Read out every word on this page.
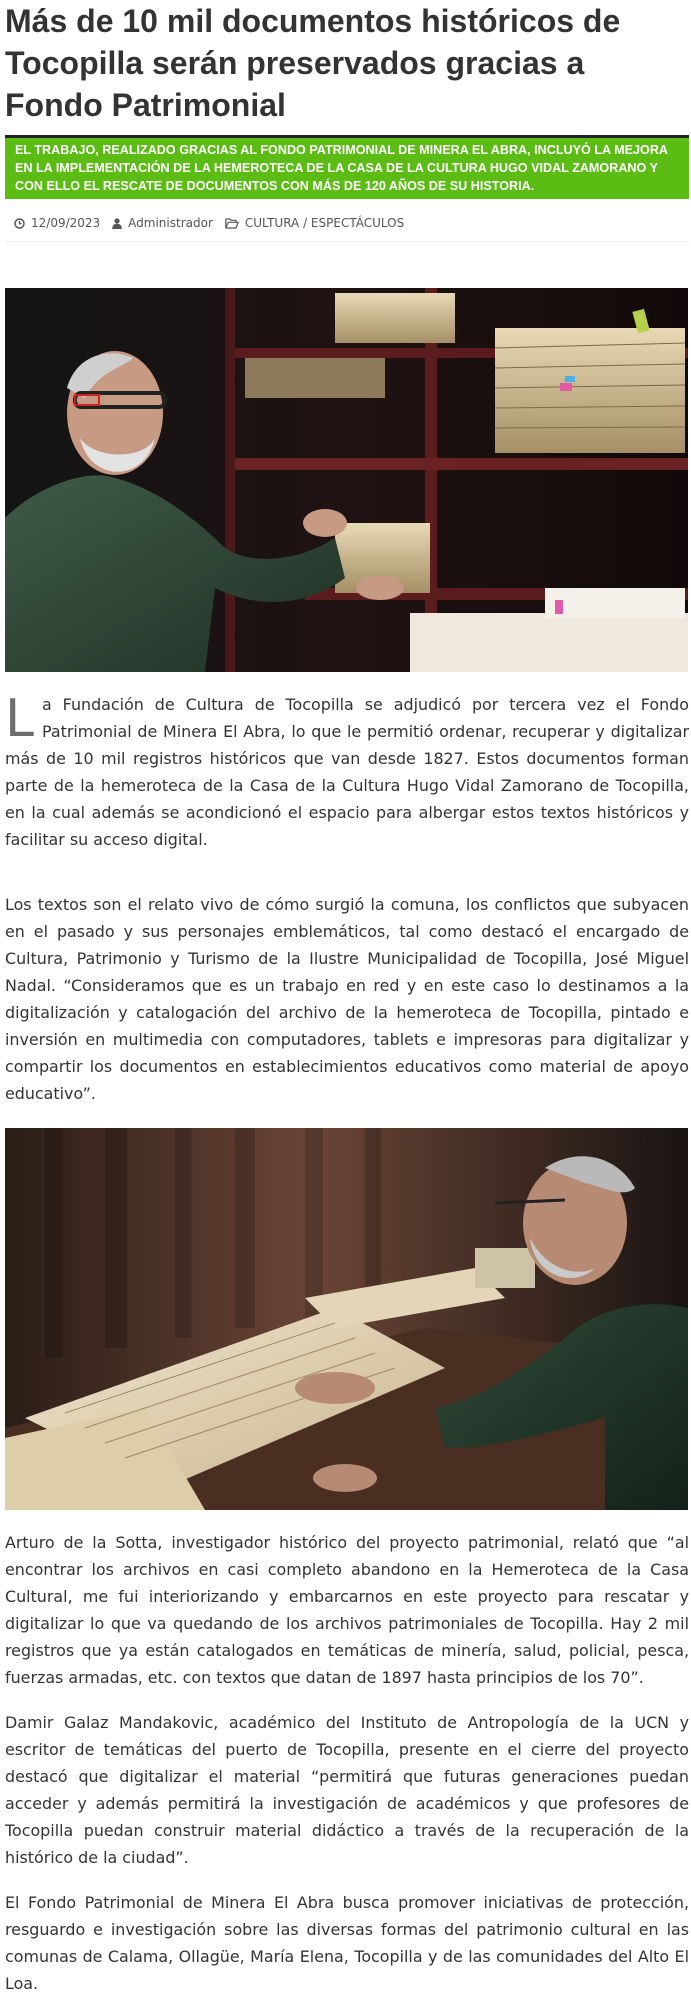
Más de 10 mil documentos históricos de Tocopilla serán preservados gracias a Fondo Patrimonial
EL TRABAJO, REALIZADO GRACIAS AL FONDO PATRIMONIAL DE MINERA EL ABRA, INCLUYÓ LA MEJORA EN LA IMPLEMENTACIÓN DE LA HEMEROTECA DE LA CASA DE LA CULTURA HUGO VIDAL ZAMORANO Y CON ELLO EL RESCATE DE DOCUMENTOS CON MÁS DE 120 AÑOS DE SU HISTORIA.
12/09/2023 Administrador	CULTURA / ESPECTÁCULOS

La Fundación de Cultura de Tocopilla se adjudicó por tercera vez el Fondo Patrimonial de Minera El Abra, lo que le permitió ordenar, recuperar y digitalizar más de 10 mil registros históricos que van desde 1827. Estos documentos forman parte de la hemeroteca de la Casa de la Cultura Hugo Vidal Zamorano de Tocopilla, en la cual además se acondicionó el espacio para albergar estos textos históricos y facilitar su acceso digital.

Los textos son el relato vivo de cómo surgió la comuna, los conflictos que subyacen en el pasado y sus personajes emblemáticos, tal como destacó el encargado de Cultura, Patrimonio y Turismo de la Ilustre Municipalidad de Tocopilla, José Miguel Nadal. “Consideramos que es un trabajo en red y en este caso lo destinamos a la digitalización y catalogación del archivo de la hemeroteca de Tocopilla, pintado e inversión en multimedia con computadores, tablets e impresoras para digitalizar y compartir los documentos en establecimientos educativos como material de apoyo educativo”.

Arturo de la Sotta, investigador histórico del proyecto patrimonial, relató que “al encontrar los archivos en casi completo abandono en la Hemeroteca de la Casa Cultural, me fui interiorizando y embarcarnos en este proyecto para rescatar y digitalizar lo que va quedando de los archivos patrimoniales de Tocopilla. Hay 2 mil registros que ya están catalogados en temáticas de minería, salud, policial, pesca, fuerzas armadas, etc. con textos que datan de 1897 hasta principios de los 70”.

Damir Galaz Mandakovic, académico del Instituto de Antropología de la UCN y escritor de temáticas del puerto de Tocopilla, presente en el cierre del proyecto destacó que digitalizar el material “permitirá que futuras generaciones puedan acceder y además permitirá la investigación de académicos y que profesores de Tocopilla puedan construir material didáctico a través de la recuperación de la histórico de la ciudad”.

El Fondo Patrimonial de Minera El Abra busca promover iniciativas de protección, resguardo e investigación sobre las diversas formas del patrimonio cultural en las comunas de Calama, Ollagüe, María Elena, Tocopilla y de las comunidades del Alto El Loa.
